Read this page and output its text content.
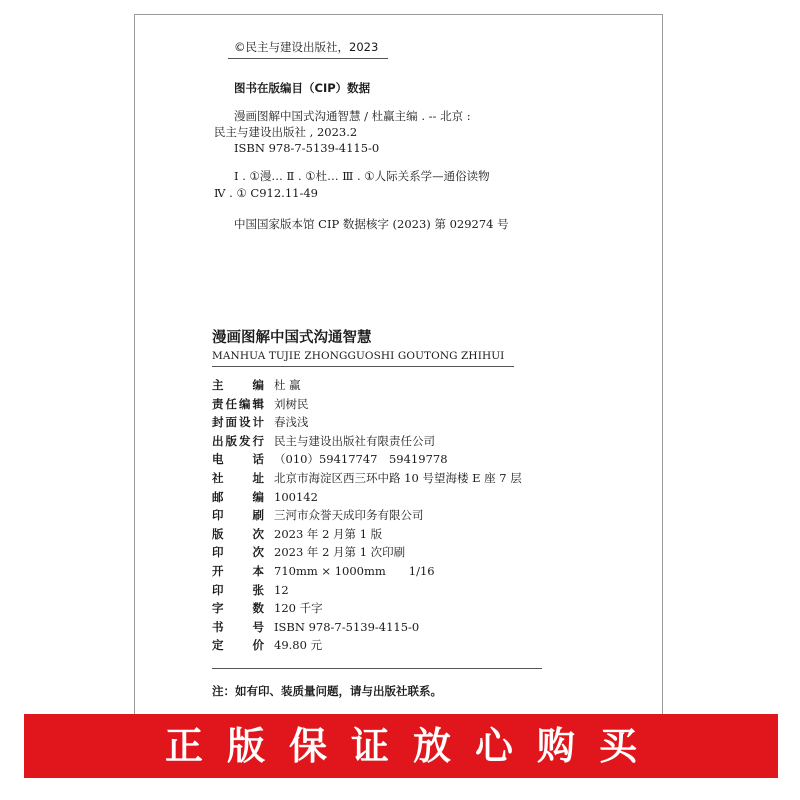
©民主与建设出版社，2023
图书在版编目（CIP）数据
漫画图解中国式沟通智慧 / 杜赢主编 . -- 北京 :
民主与建设出版社 , 2023.2
ISBN 978-7-5139-4115-0
Ⅰ . ①漫… Ⅱ . ①杜… Ⅲ . ①人际关系学—通俗读物
Ⅳ . ① C912.11-49
中国国家版本馆 CIP 数据核字 (2023) 第 029274 号
漫画图解中国式沟通智慧
MANHUA TUJIE ZHONGGUOSHI GOUTONG ZHIHUI
主 编 杜 赢
责任编辑 刘树民
封面设计 春浅浅
出版发行 民主与建设出版社有限责任公司
电 话 （010）59417747　59419778
社 址 北京市海淀区西三环中路 10 号望海楼 E 座 7 层
邮 编 100142
印 刷 三河市众誉天成印务有限公司
版 次 2023 年 2 月第 1 版
印 次 2023 年 2 月第 1 次印刷
开 本 710mm × 1000mm　　1/16
印 张 12
字 数 120 千字
书 号 ISBN 978-7-5139-4115-0
定 价 49.80 元
注：如有印、装质量问题，请与出版社联系。
正版保证放心购买
